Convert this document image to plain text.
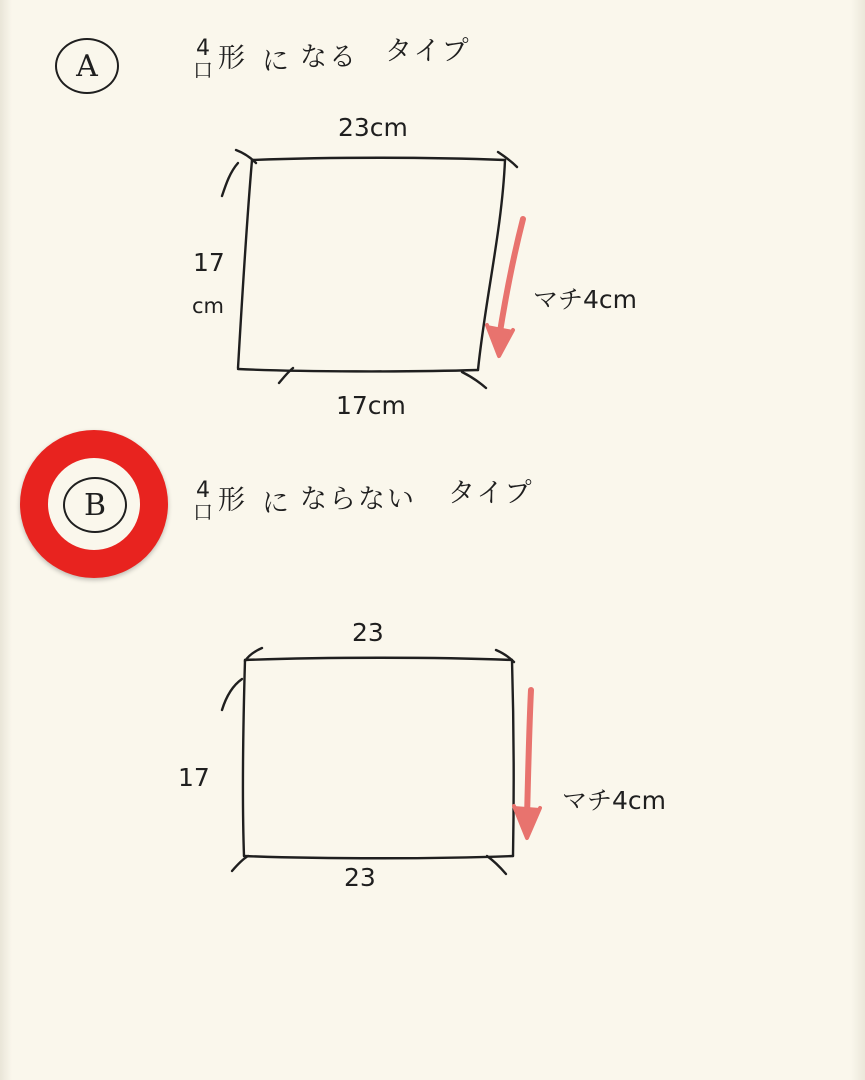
A	4
口 形 に なる タイプ
23cm
17
cm
17cm
マチ4cm
B	4
口 形 に ならない タイプ
23
17
23
マチ4cm
